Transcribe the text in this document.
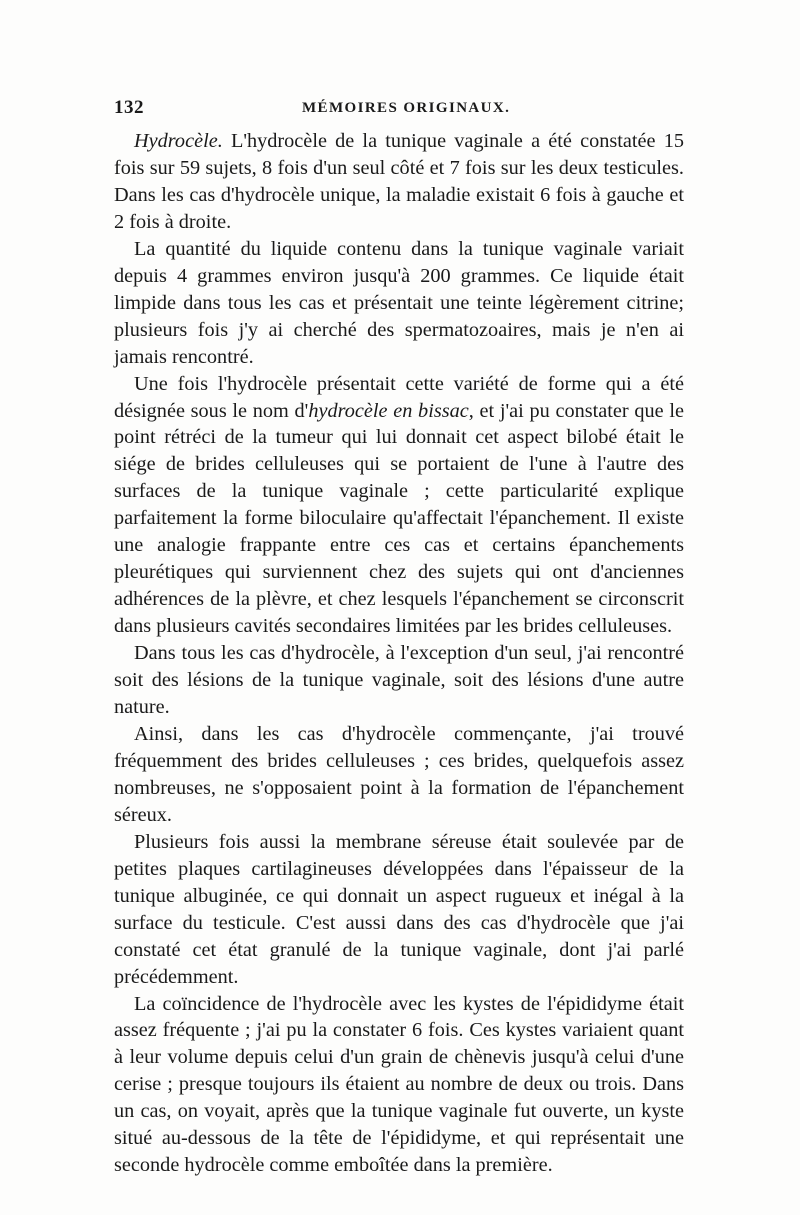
132	MÉMOIRES ORIGINAUX.

Hydrocèle. L'hydrocèle de la tunique vaginale a été constatée 15 fois sur 59 sujets, 8 fois d'un seul côté et 7 fois sur les deux testicules. Dans les cas d'hydrocèle unique, la maladie existait 6 fois à gauche et 2 fois à droite.

La quantité du liquide contenu dans la tunique vaginale variait depuis 4 grammes environ jusqu'à 200 grammes. Ce liquide était limpide dans tous les cas et présentait une teinte légèrement citrine; plusieurs fois j'y ai cherché des spermatozoaires, mais je n'en ai jamais rencontré.

Une fois l'hydrocèle présentait cette variété de forme qui a été désignée sous le nom d'hydrocèle en bissac, et j'ai pu constater que le point rétréci de la tumeur qui lui donnait cet aspect bilobé était le siége de brides celluleuses qui se portaient de l'une à l'autre des surfaces de la tunique vaginale ; cette particularité explique parfaitement la forme biloculaire qu'affectait l'épanchement. Il existe une analogie frappante entre ces cas et certains épanchements pleurétiques qui surviennent chez des sujets qui ont d'anciennes adhérences de la plèvre, et chez lesquels l'épanchement se circonscrit dans plusieurs cavités secondaires limitées par les brides celluleuses.

Dans tous les cas d'hydrocèle, à l'exception d'un seul, j'ai rencontré soit des lésions de la tunique vaginale, soit des lésions d'une autre nature.

Ainsi, dans les cas d'hydrocèle commençante, j'ai trouvé fréquemment des brides celluleuses ; ces brides, quelquefois assez nombreuses, ne s'opposaient point à la formation de l'épanchement séreux.

Plusieurs fois aussi la membrane séreuse était soulevée par de petites plaques cartilagineuses développées dans l'épaisseur de la tunique albuginée, ce qui donnait un aspect rugueux et inégal à la surface du testicule. C'est aussi dans des cas d'hydrocèle que j'ai constaté cet état granulé de la tunique vaginale, dont j'ai parlé précédemment.

La coïncidence de l'hydrocèle avec les kystes de l'épididyme était assez fréquente ; j'ai pu la constater 6 fois. Ces kystes variaient quant à leur volume depuis celui d'un grain de chènevis jusqu'à celui d'une cerise ; presque toujours ils étaient au nombre de deux ou trois. Dans un cas, on voyait, après que la tunique vaginale fut ouverte, un kyste situé au-dessous de la tête de l'épididyme, et qui représentait une seconde hydrocèle comme emboîtée dans la première.
